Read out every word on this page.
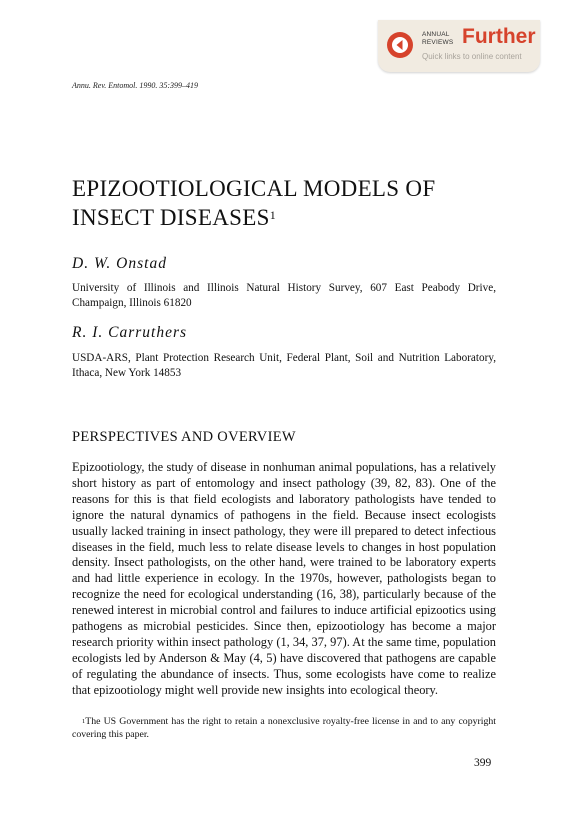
ANNUAL
REVIEWS Further
Quick links to online content
Annu. Rev. Entomol. 1990. 35:399–419
EPIZOOTIOLOGICAL MODELS OF
INSECT DISEASES$^1$
D. W. Onstad
University of Illinois and Illinois Natural History Survey, 607 East Peabody Drive, Champaign, Illinois 61820
R. I. Carruthers
USDA-ARS, Plant Protection Research Unit, Federal Plant, Soil and Nutrition Laboratory, Ithaca, New York 14853
PERSPECTIVES AND OVERVIEW

Epizootiology, the study of disease in nonhuman animal populations, has a relatively short history as part of entomology and insect pathology (39, 82, 83). One of the reasons for this is that field ecologists and laboratory pathologists have tended to ignore the natural dynamics of pathogens in the field. Because insect ecologists usually lacked training in insect pathology, they were ill prepared to detect infectious diseases in the field, much less to relate disease levels to changes in host population density. Insect pathologists, on the other hand, were trained to be laboratory experts and had little experience in ecology. In the 1970s, however, pathologists began to recognize the need for ecological understanding (16, 38), particularly because of the renewed interest in microbial control and failures to induce artificial epizootics using pathogens as microbial pesticides. Since then, epizootiology has become a major research priority within insect pathology (1, 34, 37, 97). At the same time, population ecologists led by Anderson & May (4, 5) have discovered that pathogens are capable of regulating the abundance of insects. Thus, some ecologists have come to realize that epizootiology might well provide new insights into ecological theory.

$^1$The US Government has the right to retain a nonexclusive royalty-free license in and to any copyright covering this paper.

399
